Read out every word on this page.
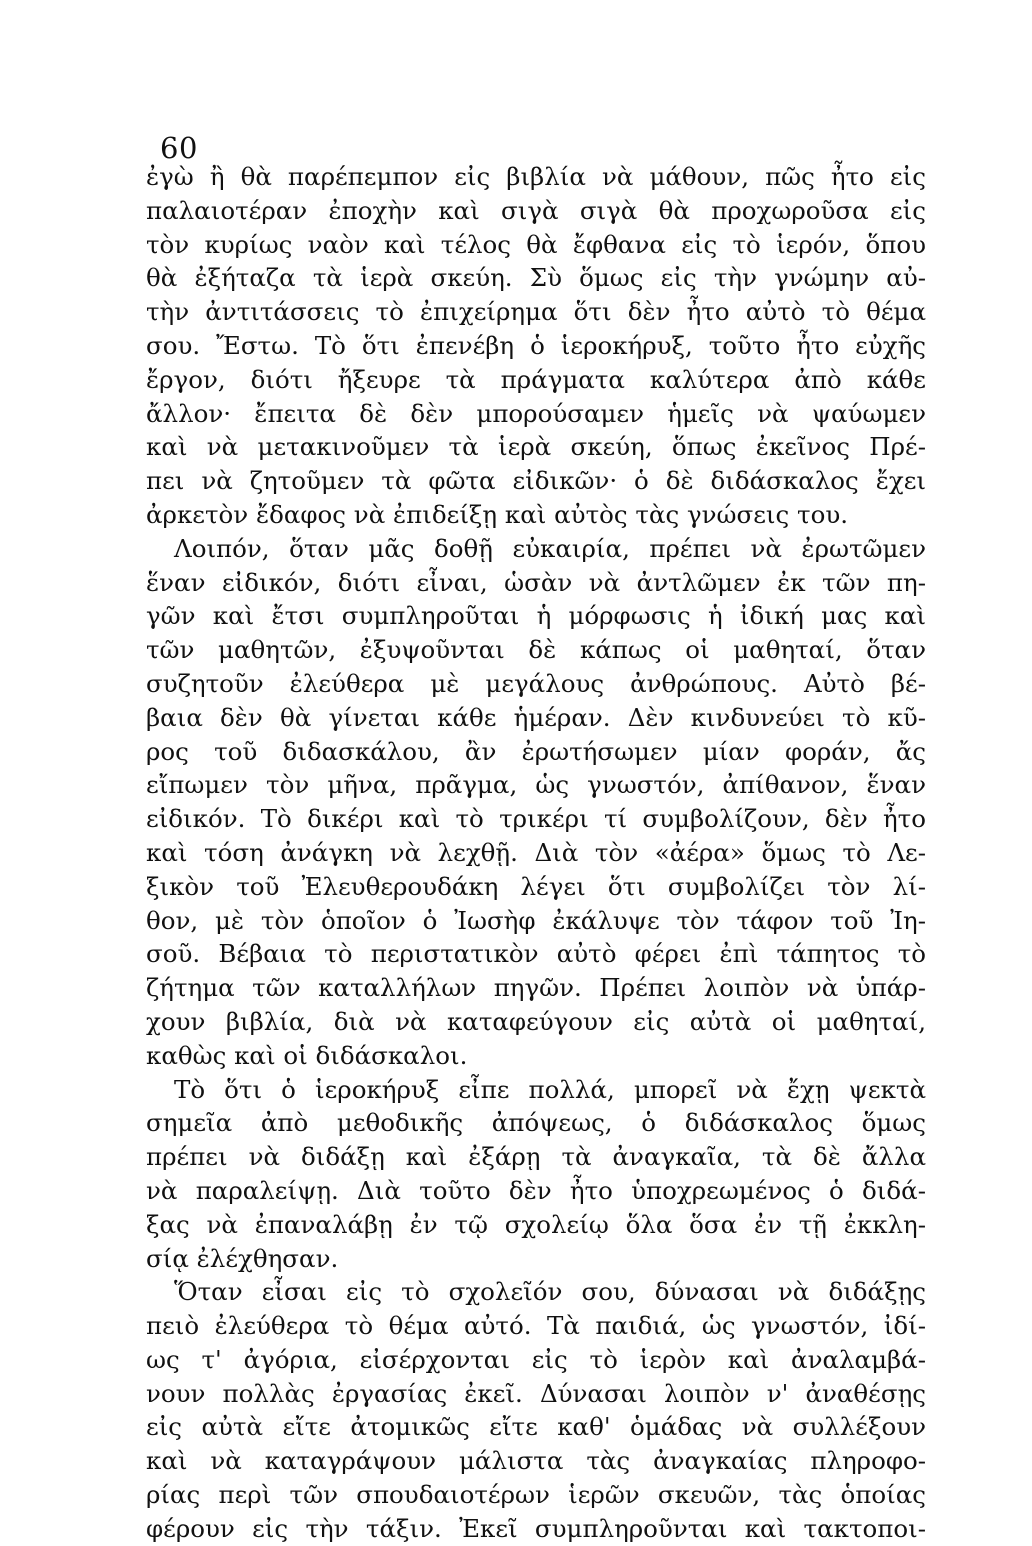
60
ἐγὼ ἢ θὰ παρέπεμπον εἰς βιβλία νὰ μάθουν, πῶς ἦτο εἰς
παλαιοτέραν ἐποχὴν καὶ σιγὰ σιγὰ θὰ προχωροῦσα εἰς
τὸν κυρίως ναὸν καὶ τέλος θὰ ἔφθανα εἰς τὸ ἱερόν, ὅπου
θὰ ἐξήταζα τὰ ἱερὰ σκεύη. Σὺ ὅμως εἰς τὴν γνώμην αὐ-
τὴν ἀντιτάσσεις τὸ ἐπιχείρημα ὅτι δὲν ἦτο αὐτὸ τὸ θέμα
σου. Ἔστω. Τὸ ὅτι ἐπενέβη ὁ ἱεροκήρυξ, τοῦτο ἦτο εὐχῆς
ἔργον, διότι ἤξευρε τὰ πράγματα καλύτερα ἀπὸ κάθε
ἄλλον· ἔπειτα δὲ δὲν μπορούσαμεν ἡμεῖς νὰ ψαύωμεν
καὶ νὰ μετακινοῦμεν τὰ ἱερὰ σκεύη, ὅπως ἐκεῖνος Πρέ-
πει νὰ ζητοῦμεν τὰ φῶτα εἰδικῶν· ὁ δὲ διδάσκαλος ἔχει
ἀρκετὸν ἔδαφος νὰ ἐπιδείξῃ καὶ αὐτὸς τὰς γνώσεις του.
Λοιπόν, ὅταν μᾶς δοθῇ εὐκαιρία, πρέπει νὰ ἐρωτῶμεν
ἕναν εἰδικόν, διότι εἶναι, ὡσὰν νὰ ἀντλῶμεν ἐκ τῶν πη-
γῶν καὶ ἔτσι συμπληροῦται ἡ μόρφωσις ἡ ἰδική μας καὶ
τῶν μαθητῶν, ἐξυψοῦνται δὲ κάπως οἱ μαθηταί, ὅταν
συζητοῦν ἐλεύθερα μὲ μεγάλους ἀνθρώπους. Αὐτὸ βέ-
βαια δὲν θὰ γίνεται κάθε ἡμέραν. Δὲν κινδυνεύει τὸ κῦ-
ρος τοῦ διδασκάλου, ἂν ἐρωτήσωμεν μίαν φοράν, ἄς
εἴπωμεν τὸν μῆνα, πρᾶγμα, ὡς γνωστόν, ἀπίθανον, ἕναν
εἰδικόν. Τὸ δικέρι καὶ τὸ τρικέρι τί συμβολίζουν, δὲν ἦτο
καὶ τόση ἀνάγκη νὰ λεχθῇ. Διὰ τὸν «ἀέρα» ὅμως τὸ Λε-
ξικὸν τοῦ Ἐλευθερουδάκη λέγει ὅτι συμβολίζει τὸν λί-
θον, μὲ τὸν ὁποῖον ὁ Ἰωσὴφ ἐκάλυψε τὸν τάφον τοῦ Ἰη-
σοῦ. Βέβαια τὸ περιστατικὸν αὐτὸ φέρει ἐπὶ τάπητος τὸ
ζήτημα τῶν καταλλήλων πηγῶν. Πρέπει λοιπὸν νὰ ὑπάρ-
χουν βιβλία, διὰ νὰ καταφεύγουν εἰς αὐτὰ οἱ μαθηταί,
καθὼς καὶ οἱ διδάσκαλοι.
Τὸ ὅτι ὁ ἱεροκήρυξ εἶπε πολλά, μπορεῖ νὰ ἔχῃ ψεκτὰ
σημεῖα ἀπὸ μεθοδικῆς ἀπόψεως, ὁ διδάσκαλος ὅμως
πρέπει νὰ διδάξῃ καὶ ἐξάρῃ τὰ ἀναγκαῖα, τὰ δὲ ἄλλα
νὰ παραλείψῃ. Διὰ τοῦτο δὲν ἦτο ὑποχρεωμένος ὁ διδά-
ξας νὰ ἐπαναλάβῃ ἐν τῷ σχολείῳ ὅλα ὅσα ἐν τῇ ἐκκλη-
σίᾳ ἐλέχθησαν.
Ὅταν εἶσαι εἰς τὸ σχολεῖόν σου, δύνασαι νὰ διδάξῃς
πειὸ ἐλεύθερα τὸ θέμα αὐτό. Τὰ παιδιά, ὡς γνωστόν, ἰδί-
ως τ' ἀγόρια, εἰσέρχονται εἰς τὸ ἱερὸν καὶ ἀναλαμβά-
νουν πολλὰς ἐργασίας ἐκεῖ. Δύνασαι λοιπὸν ν' ἀναθέσῃς
εἰς αὐτὰ εἴτε ἀτομικῶς εἴτε καθ' ὁμάδας νὰ συλλέξουν
καὶ νὰ καταγράψουν μάλιστα τὰς ἀναγκαίας πληροφο-
ρίας περὶ τῶν σπουδαιοτέρων ἱερῶν σκευῶν, τὰς ὁποίας
φέρουν εἰς τὴν τάξιν. Ἐκεῖ συμπληροῦνται καὶ τακτοποι-
